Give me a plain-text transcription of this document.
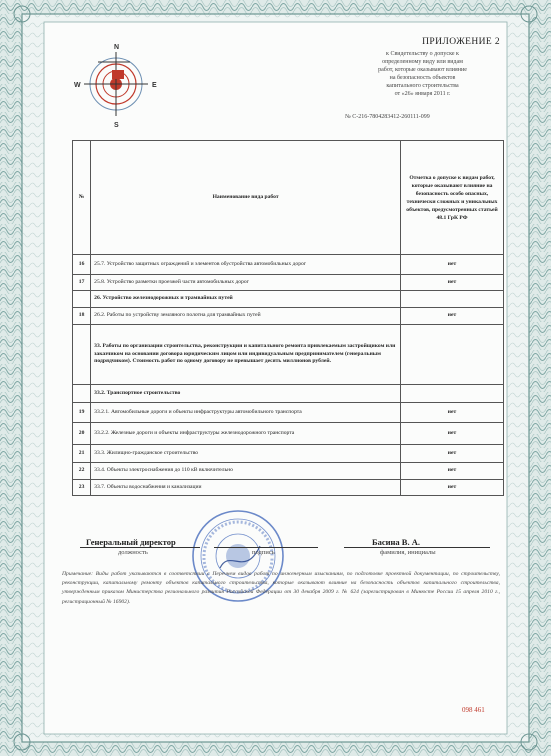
N
W	E
S
ПРИЛОЖЕНИЕ 2
к Свидетельству о допуске к
определенному виду или видам
работ, которые оказывают влияние
на безопасность объектов
капитального строительства
от «26» января 2011 г.
№ С-216-7804283412-260111-099
№	Наименование вида работ	Отметка о допуске к видам работ, которые оказывают влияние на безопасность особо опасных, технически сложных и уникальных объектов, предусмотренных статьей 48.1 ГрК РФ
16	25.7. Устройство защитных ограждений и элементов обустройства автомобильных дорог	нет
17	25.8. Устройство разметки проезжей части автомобильных дорог	нет
	26. Устройство железнодорожных и трамвайных путей	
18	26.2. Работы по устройству земляного полотна для трамвайных путей	нет
	33. Работы по организации строительства, реконструкции и капитального ремонта привлекаемым застройщиком или заказчиком на основании договора юридическим лицом или индивидуальным предпринимателем (генеральным подрядчиком). Стоимость работ по одному договору не превышает десять миллионов рублей.	
	33.2. Транспортное строительство	
19	33.2.1. Автомобильные дороги и объекты инфраструктуры автомобильного транспорта	нет
20	33.2.2. Железные дороги и объекты инфраструктуры железнодорожного транспорта	нет
21	33.3. Жилищно-гражданское строительство	нет
22	33.4. Объекты электроснабжения до 110 кВ включительно	нет
23	33.7. Объекты водоснабжения и канализации	нет
Генеральный директор
должность	подпись
Басина В. А.
фамилия, инициалы
Примечание: Виды работ указываются в соответствии с Перечнем видов работ по инженерным изысканиям, по подготовке проектной документации, по строительству, реконструкции, капитальному ремонту объектов капитального строительства, которые оказывают влияние на безопасность объектов капитального строительства, утвержденным приказом Министерства регионального развития Российской Федерации от 30 декабря 2009 г. № 624 (зарегистрирован в Минюсте России 15 апреля 2010 г., регистрационный № 16902).
098 461
